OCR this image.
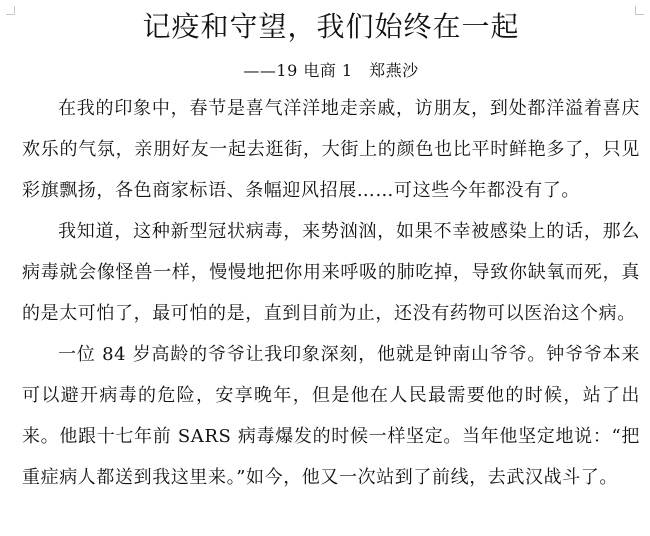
记疫和守望，我们始终在一起
——19 电商 1　郑燕沙

在我的印象中，春节是喜气洋洋地走亲戚，访朋友，到处都洋溢着喜庆欢乐的气氛，亲朋好友一起去逛街，大街上的颜色也比平时鲜艳多了，只见彩旗飘扬，各色商家标语、条幅迎风招展……可这些今年都没有了。

我知道，这种新型冠状病毒，来势汹汹，如果不幸被感染上的话，那么病毒就会像怪兽一样，慢慢地把你用来呼吸的肺吃掉，导致你缺氧而死，真的是太可怕了，最可怕的是，直到目前为止，还没有药物可以医治这个病。

一位 84 岁高龄的爷爷让我印象深刻，他就是钟南山爷爷。钟爷爷本来可以避开病毒的危险，安享晚年，但是他在人民最需要他的时候，站了出来。他跟十七年前 SARS 病毒爆发的时候一样坚定。当年他坚定地说：“把重症病人都送到我这里来。”如今，他又一次站到了前线，去武汉战斗了。
